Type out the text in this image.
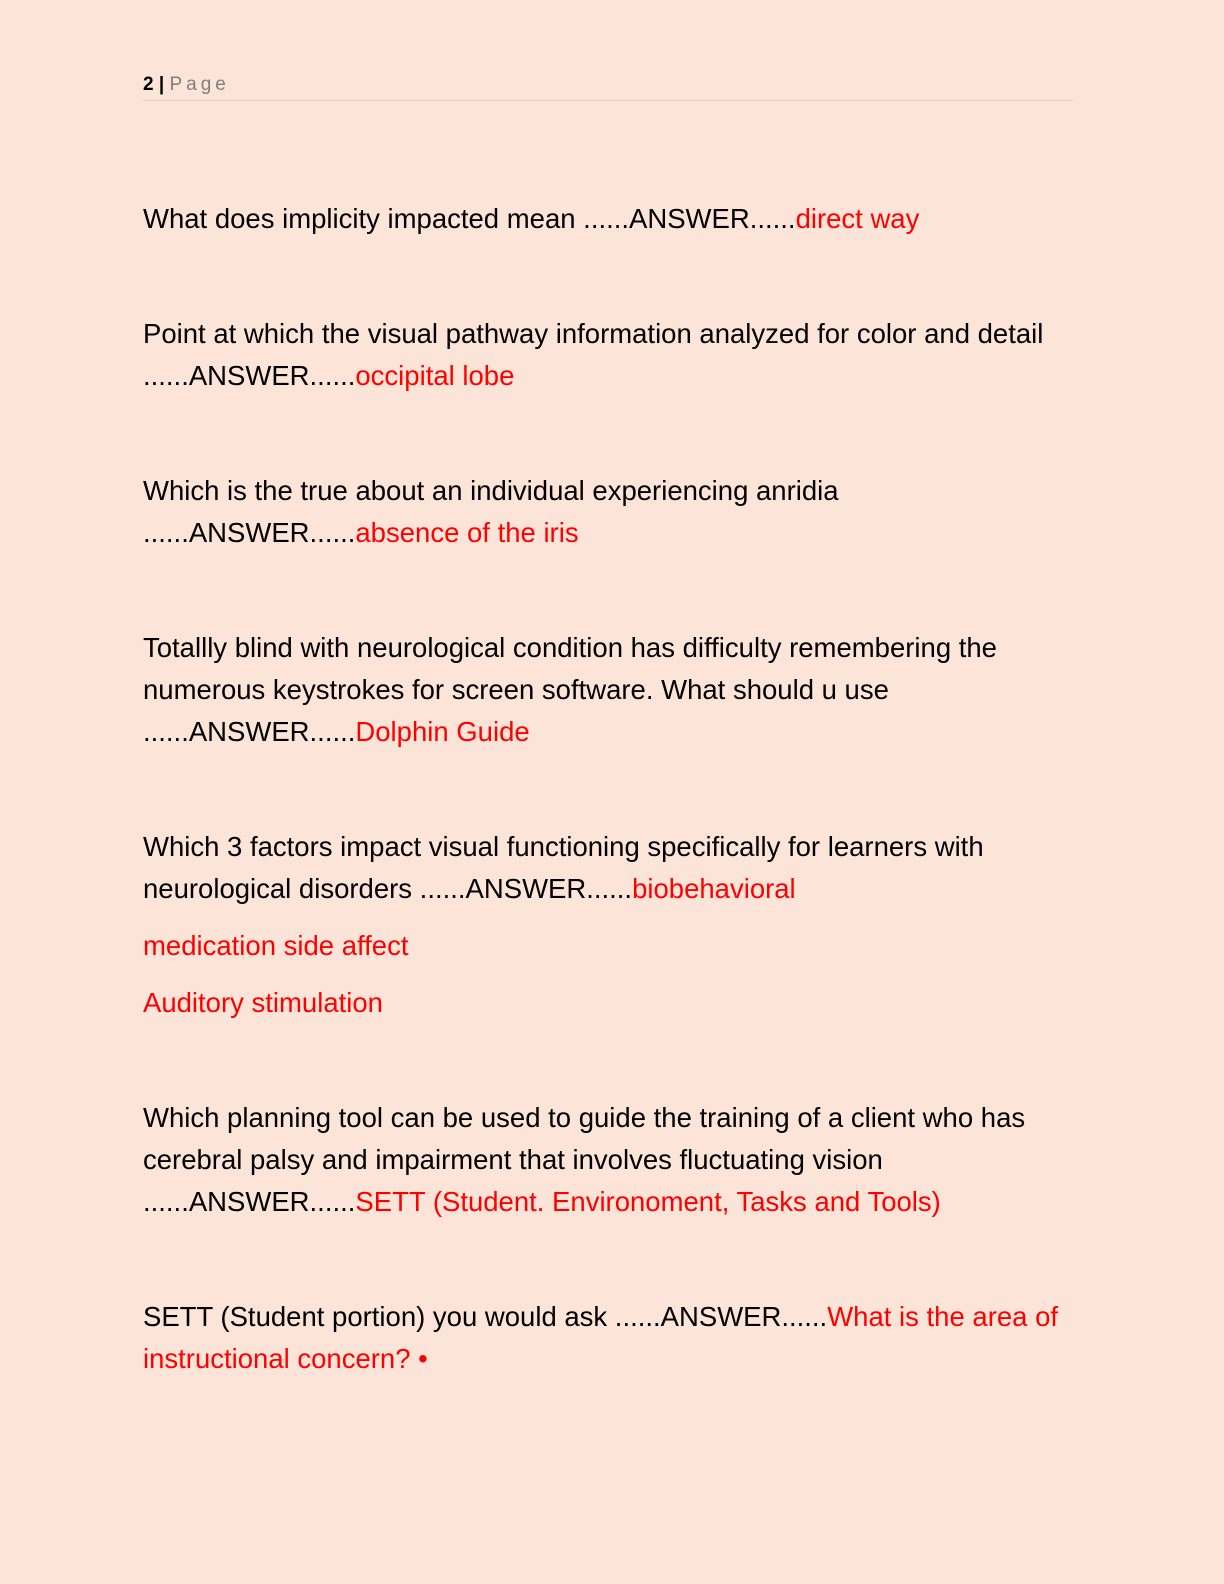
2 | Page

What does implicity impacted mean ......ANSWER......direct way

Point at which the visual pathway information analyzed for color and detail ......ANSWER......occipital lobe

Which is the true about an individual experiencing anridia ......ANSWER......absence of the iris

Totallly blind with neurological condition has difficulty remembering the numerous keystrokes for screen software. What should u use ......ANSWER......Dolphin Guide

Which 3 factors impact visual functioning specifically for learners with neurological disorders ......ANSWER......biobehavioral

medication side affect

Auditory stimulation

Which planning tool can be used to guide the training of a client who has cerebral palsy and impairment that involves fluctuating vision ......ANSWER......SETT (Student. Environoment, Tasks and Tools)

SETT (Student portion) you would ask ......ANSWER......What is the area of instructional concern? •
